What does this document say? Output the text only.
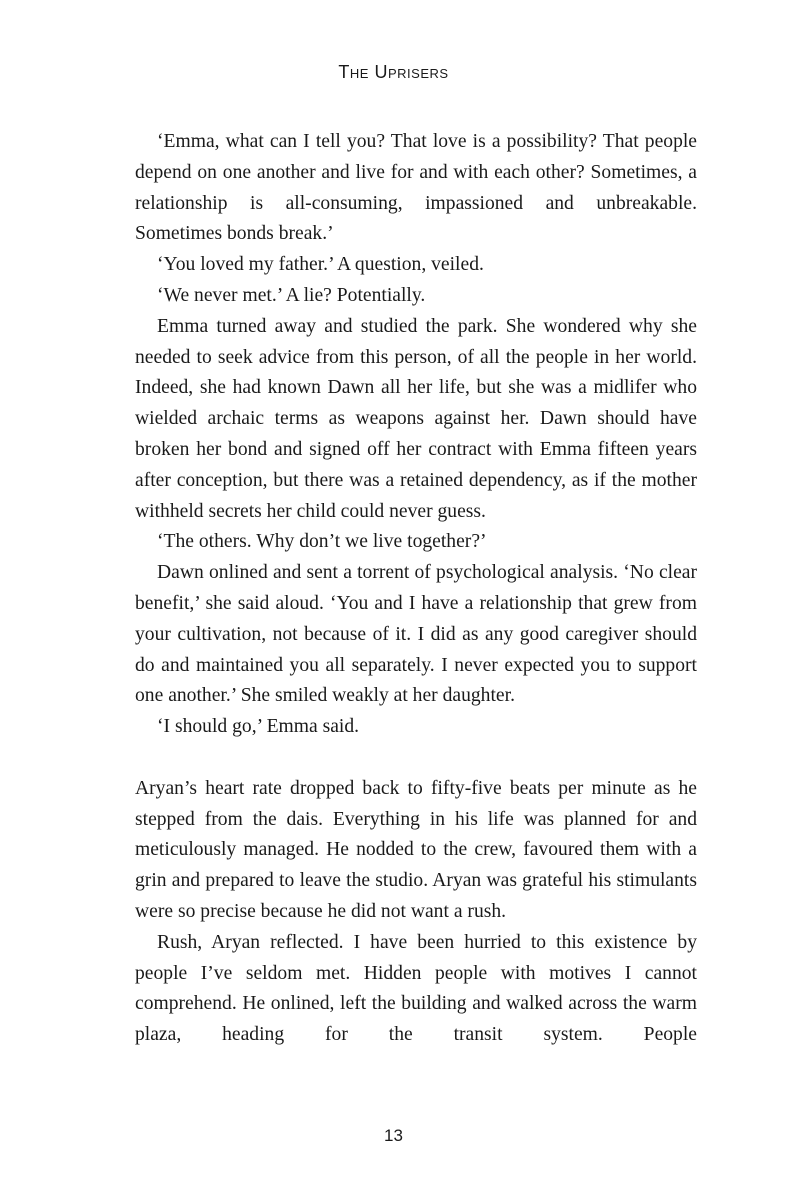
The Uprisers

‘Emma, what can I tell you? That love is a possibility? That people depend on one another and live for and with each other? Sometimes, a relationship is all-consuming, impassioned and unbreakable. Sometimes bonds break.’

‘You loved my father.’ A question, veiled.

‘We never met.’ A lie? Potentially.

Emma turned away and studied the park. She wondered why she needed to seek advice from this person, of all the people in her world. Indeed, she had known Dawn all her life, but she was a midlifer who wielded archaic terms as weapons against her. Dawn should have broken her bond and signed off her contract with Emma fifteen years after conception, but there was a retained dependency, as if the mother withheld secrets her child could never guess.

‘The others. Why don’t we live together?’

Dawn onlined and sent a torrent of psychological analysis. ‘No clear benefit,’ she said aloud. ‘You and I have a relationship that grew from your cultivation, not because of it. I did as any good caregiver should do and maintained you all separately. I never expected you to support one another.’ She smiled weakly at her daughter.

‘I should go,’ Emma said.

Aryan’s heart rate dropped back to fifty-five beats per minute as he stepped from the dais. Everything in his life was planned for and meticulously managed. He nodded to the crew, favoured them with a grin and prepared to leave the studio. Aryan was grateful his stimulants were so precise because he did not want a rush.

Rush, Aryan reflected. I have been hurried to this existence by people I’ve seldom met. Hidden people with motives I cannot comprehend. He onlined, left the building and walked across the warm plaza, heading for the transit system. People

13
